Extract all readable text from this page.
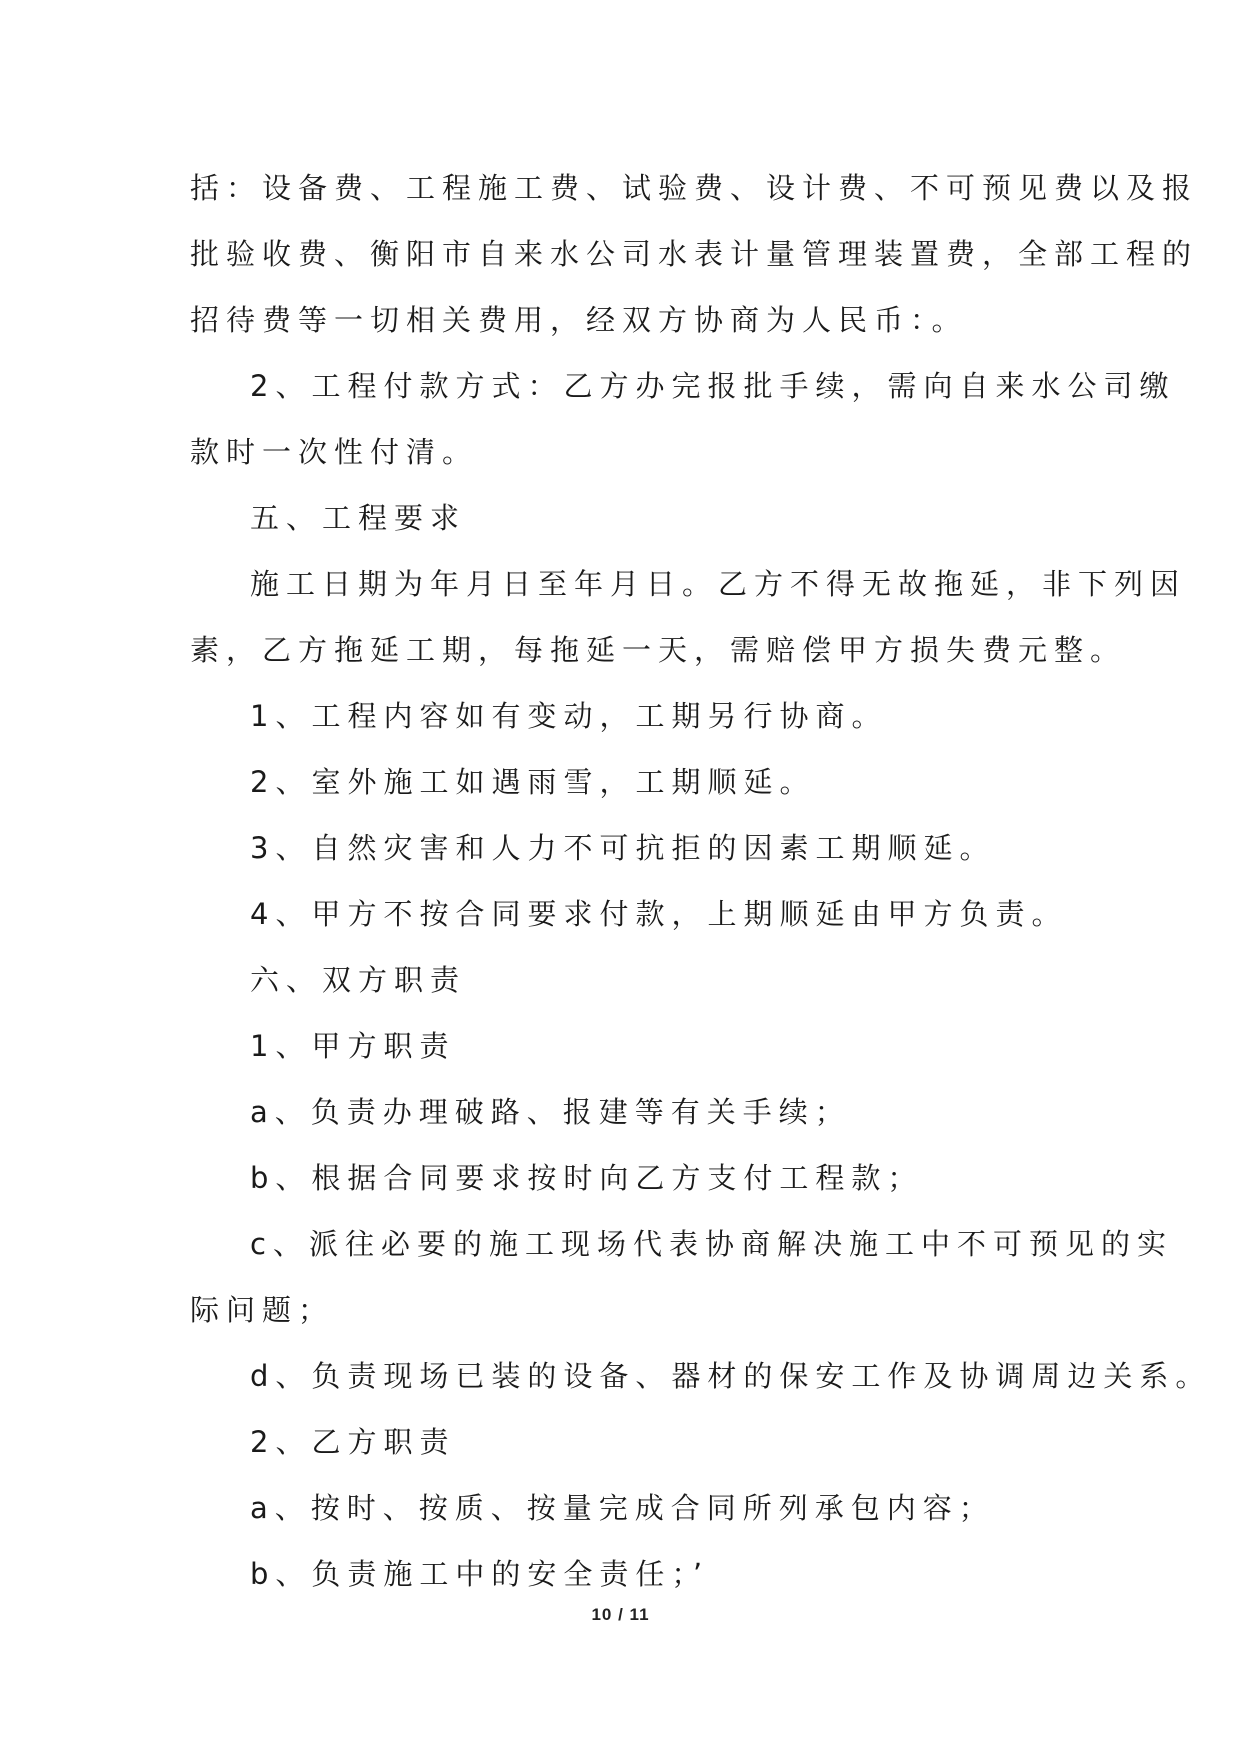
括：设备费、工程施工费、试验费、设计费、不可预见费以及报
批验收费、衡阳市自来水公司水表计量管理装置费，全部工程的
招待费等一切相关费用，经双方协商为人民币：。
2、工程付款方式：乙方办完报批手续，需向自来水公司缴
款时一次性付清。
五、工程要求
施工日期为年月日至年月日。乙方不得无故拖延，非下列因
素，乙方拖延工期，每拖延一天，需赔偿甲方损失费元整。
1、工程内容如有变动，工期另行协商。
2、室外施工如遇雨雪，工期顺延。
3、自然灾害和人力不可抗拒的因素工期顺延。
4、甲方不按合同要求付款，上期顺延由甲方负责。
六、双方职责
1、甲方职责
a、负责办理破路、报建等有关手续；
b、根据合同要求按时向乙方支付工程款；
c、派往必要的施工现场代表协商解决施工中不可预见的实
际问题；
d、负责现场已装的设备、器材的保安工作及协调周边关系。
2、乙方职责
a、按时、按质、按量完成合同所列承包内容；
b、负责施工中的安全责任；’
10 / 11
